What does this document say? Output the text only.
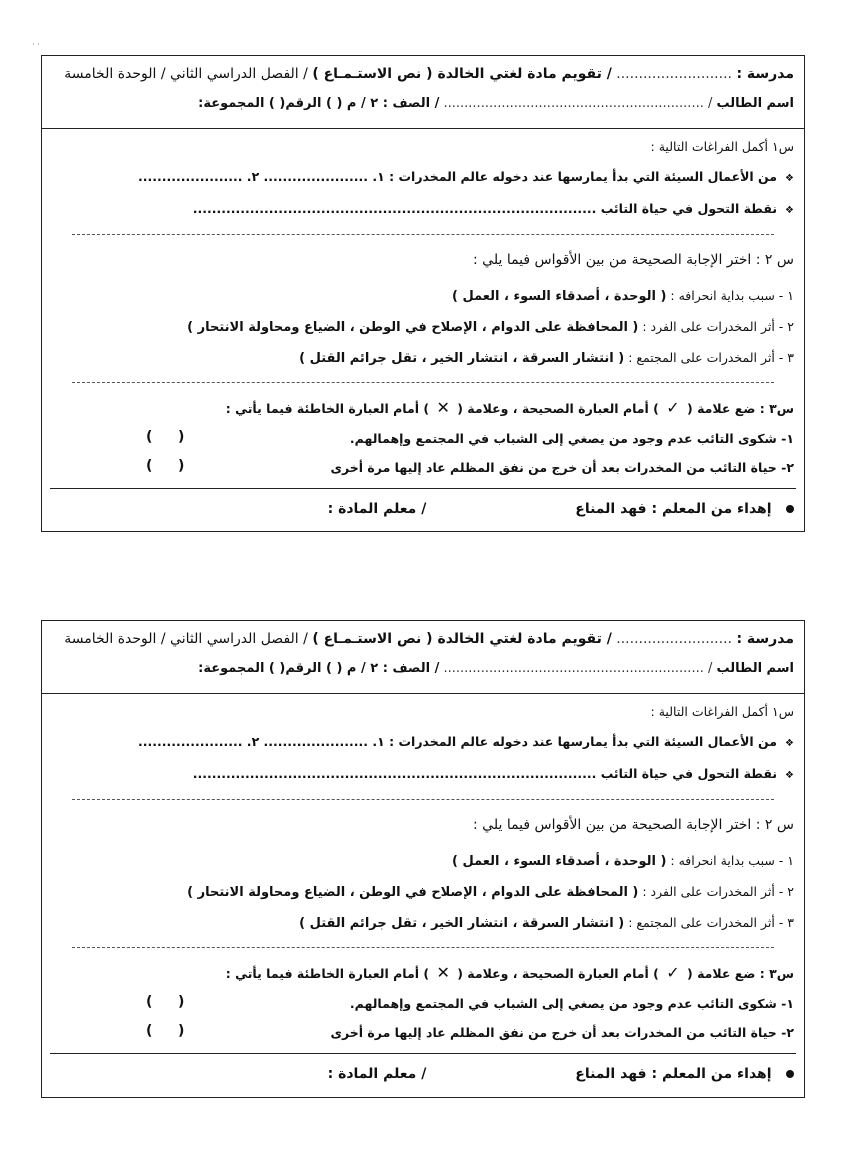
· ·
مدرسة : .......................... / تقويم مادة لغتي الخالدة ( نص الاستـمـاع ) / الفصل الدراسي الثاني / الوحدة الخامسة
اسم الطالب / ............................................................... / الصف : ٢ / م ( ) الرقم( ) المجموعة:
س١ أكمل الفراغات التالية :
❖ من الأعمال السيئة التي بدأ يمارسها عند دخوله عالم المخدرات : ١. ...................... ٢. ......................
❖ نقطة التحول في حياة التائب .....................................................................................
س ٢ : اختر الإجابة الصحيحة من بين الأقواس فيما يلي :
١ - سبب بداية انحرافه : ( الوحدة ، أصدقاء السوء ، العمل )
٢ - أثر المخدرات على الفرد : ( المحافظة على الدوام ، الإصلاح في الوطن ، الضياع ومحاولة الانتحار )
٣ - أثر المخدرات على المجتمع : ( انتشار السرقة ، انتشار الخير ، تقل جرائم القتل )
س٣ : ضع علامة ( ✓ ) أمام العبارة الصحيحة ، وعلامة ( ✕ ) أمام العبارة الخاطئة فيما يأتي :
١- شكوى التائب عدم وجود من يصغي إلى الشباب في المجتمع وإهمالهم.
(
)
٢- حياة التائب من المخدرات بعد أن خرج من نفق المظلم عاد إليها مرة أخرى
(
)
إهداء من المعلم : فهد المناع  / معلم المادة :
مدرسة : .......................... / تقويم مادة لغتي الخالدة ( نص الاستـمـاع ) / الفصل الدراسي الثاني / الوحدة الخامسة
اسم الطالب / ............................................................... / الصف : ٢ / م ( ) الرقم( ) المجموعة:
س١ أكمل الفراغات التالية :
❖ من الأعمال السيئة التي بدأ يمارسها عند دخوله عالم المخدرات : ١. ...................... ٢. ......................
❖ نقطة التحول في حياة التائب .....................................................................................
س ٢ : اختر الإجابة الصحيحة من بين الأقواس فيما يلي :
١ - سبب بداية انحرافه : ( الوحدة ، أصدقاء السوء ، العمل )
٢ - أثر المخدرات على الفرد : ( المحافظة على الدوام ، الإصلاح في الوطن ، الضياع ومحاولة الانتحار )
٣ - أثر المخدرات على المجتمع : ( انتشار السرقة ، انتشار الخير ، تقل جرائم القتل )
س٣ : ضع علامة ( ✓ ) أمام العبارة الصحيحة ، وعلامة ( ✕ ) أمام العبارة الخاطئة فيما يأتي :
١- شكوى التائب عدم وجود من يصغي إلى الشباب في المجتمع وإهمالهم.
(
)
٢- حياة التائب من المخدرات بعد أن خرج من نفق المظلم عاد إليها مرة أخرى
(
)
إهداء من المعلم : فهد المناع  / معلم المادة :
